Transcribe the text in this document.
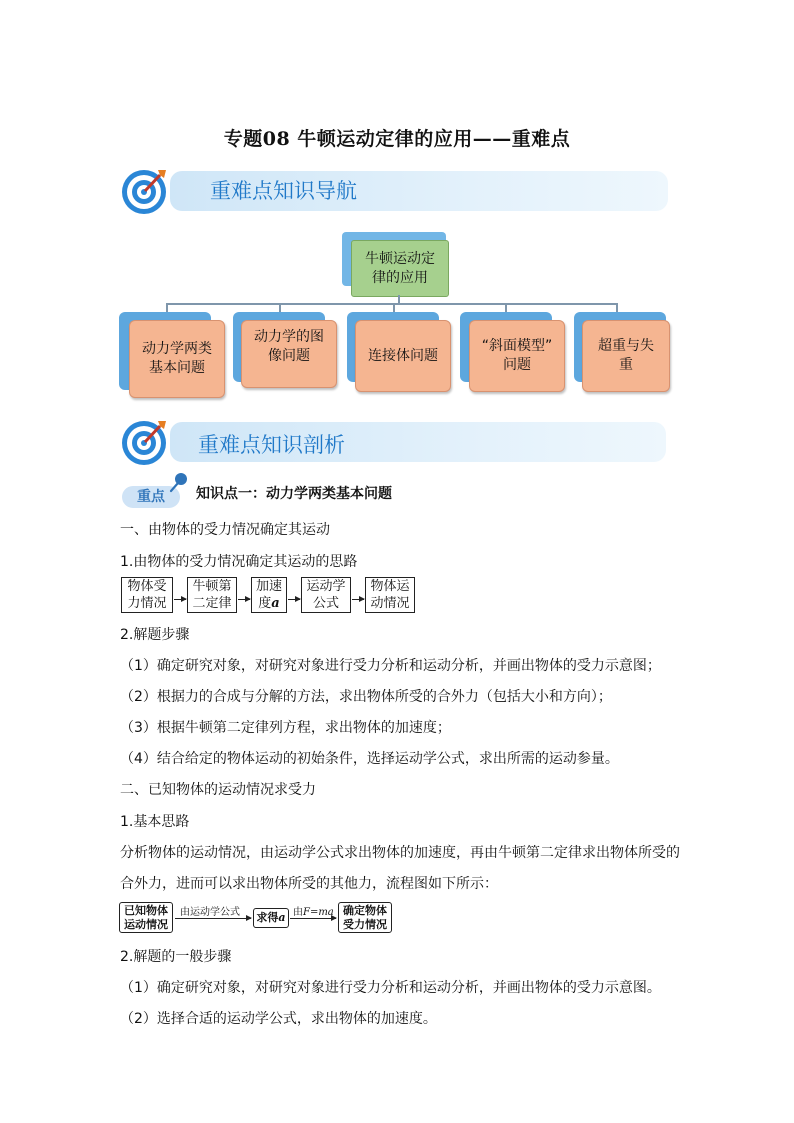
专题08 牛顿运动定律的应用——重难点
重难点知识导航
牛顿运动定
律的应用
动力学两类
基本问题
动力学的图
像问题	连接体问题
“斜面模型”
问题
超重与失
重
重难点知识剖析
重点	知识点一：动力学两类基本问题
一、由物体的受力情况确定其运动
1.由物体的受力情况确定其运动的思路
物体受
力情况
牛顿第
二定律
加速
度a
运动学
公式
物体运
动情况
2.解题步骤
（1）确定研究对象，对研究对象进行受力分析和运动分析，并画出物体的受力示意图；
（2）根据力的合成与分解的方法，求出物体所受的合外力（包括大小和方向）；
（3）根据牛顿第二定律列方程，求出物体的加速度；
（4）结合给定的物体运动的初始条件，选择运动学公式，求出所需的运动参量。
二、已知物体的运动情况求受力
1.基本思路
分析物体的运动情况，由运动学公式求出物体的加速度，再由牛顿第二定律求出物体所受的
合外力，进而可以求出物体所受的其他力，流程图如下所示：
已知物体
运动情况
由运动学公式 求得a 由F=ma 确定物体
受力情况
2.解题的一般步骤
（1）确定研究对象，对研究对象进行受力分析和运动分析，并画出物体的受力示意图。
（2）选择合适的运动学公式，求出物体的加速度。
